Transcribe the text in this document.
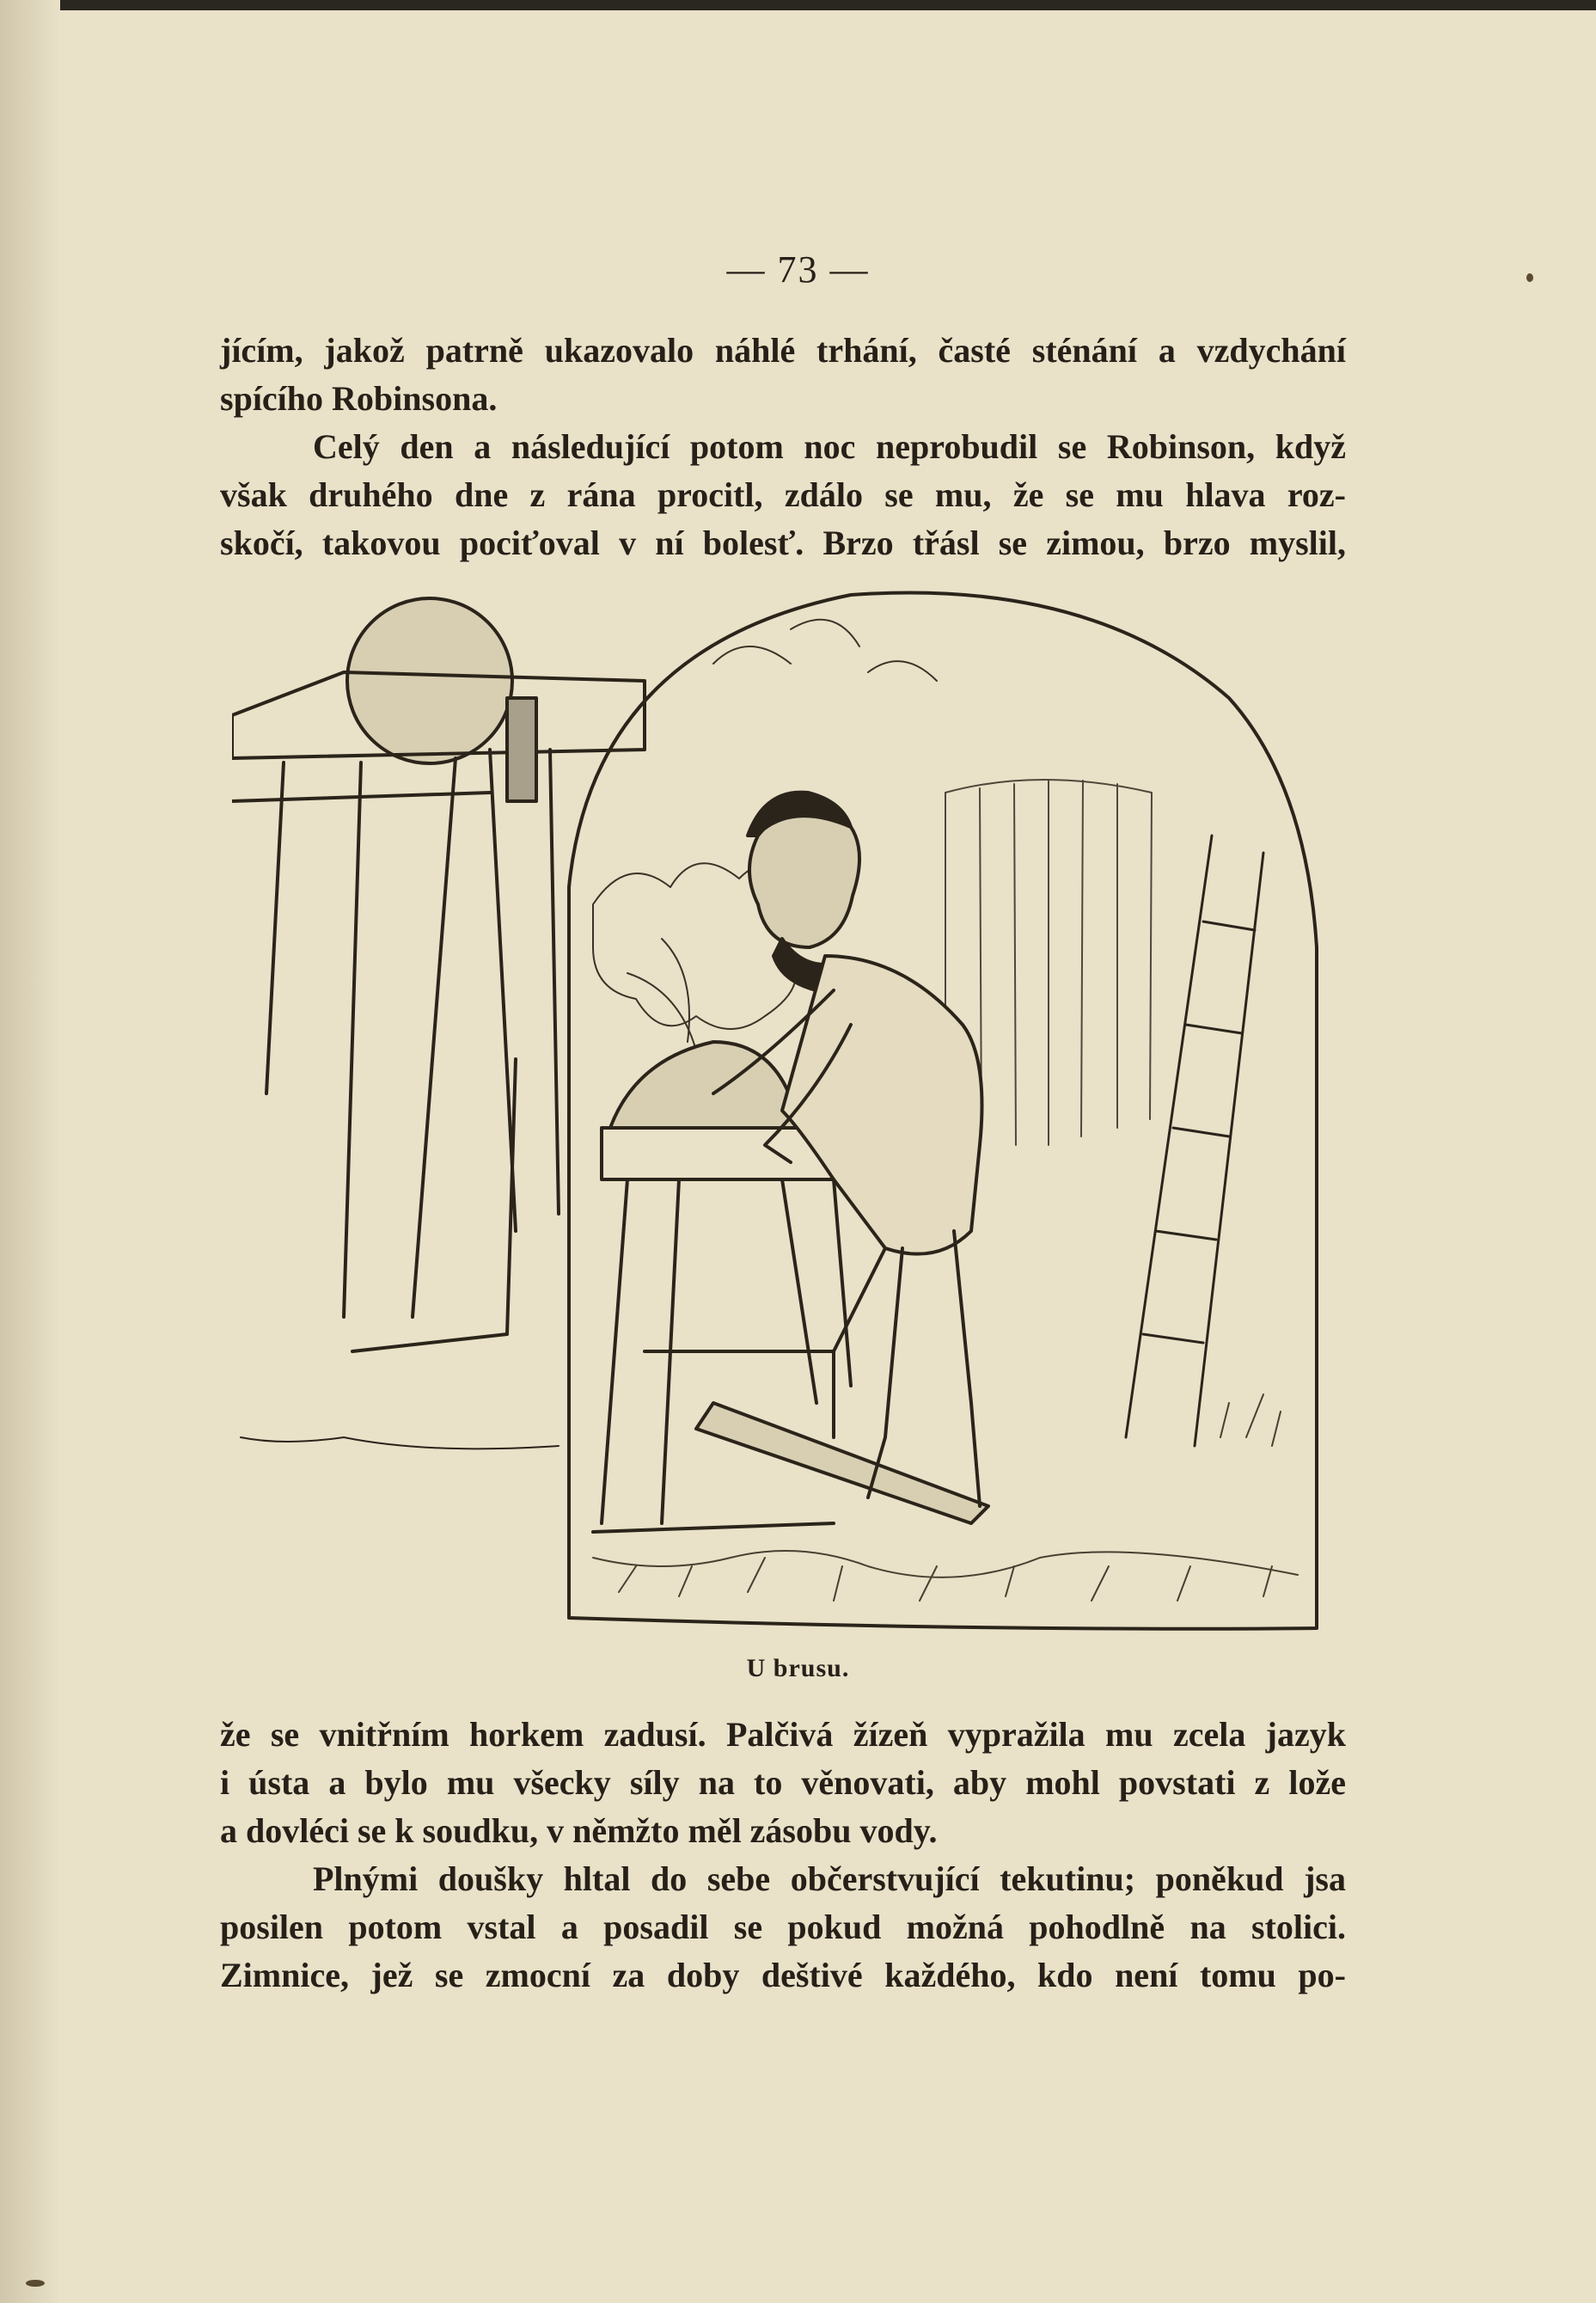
— 73 —
jícím, jakož patrně ukazovalo náhlé trhání, časté sténání a vzdychání
spícího Robinsona.
Celý den a následující potom noc neprobudil se Robinson, když
však druhého dne z rána procitl, zdálo se mu, že se mu hlava roz-
skočí, takovou pociťoval v ní bolesť. Brzo třásl se zimou, brzo myslil,
U brusu.
že se vnitřním horkem zadusí. Palčivá žízeň vypražila mu zcela jazyk
i ústa a bylo mu všecky síly na to věnovati, aby mohl povstati z lože
a dovléci se k soudku, v němžto měl zásobu vody.
Plnými doušky hltal do sebe občerstvující tekutinu; poněkud jsa
posilen potom vstal a posadil se pokud možná pohodlně na stolici.
Zimnice, jež se zmocní za doby deštivé každého, kdo není tomu po-
